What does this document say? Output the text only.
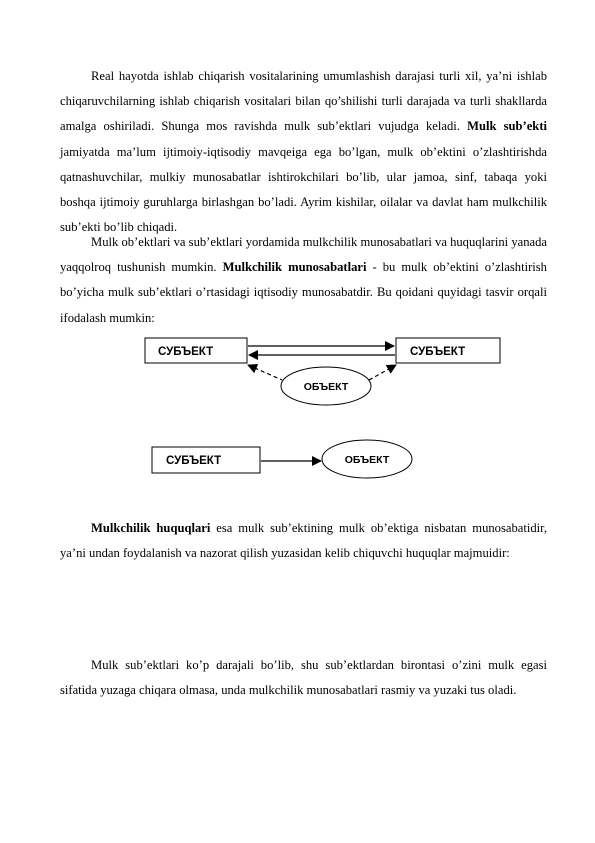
Real hayotda ishlab chiqarish vositalarining umumlashish darajasi turli xil, ya’ni ishlab chiqaruvchilarning ishlab chiqarish vositalari bilan qo’shilishi turli darajada va turli shakllarda amalga oshiriladi. Shunga mos ravishda mulk sub’ektlari vujudga keladi. Mulk sub’ekti jamiyatda ma’lum ijtimoiy-iqtisodiy mavqeiga ega bo’lgan, mulk ob’ektini o’zlashtirishda qatnashuvchilar, mulkiy munosabatlar ishtirokchilari bo’lib, ular jamoa, sinf, tabaqa yoki boshqa ijtimoiy guruhlarga birlashgan bo’ladi. Ayrim kishilar, oilalar va davlat ham mulkchilik sub’ekti bo’lib chiqadi.

Mulk ob’ektlari va sub’ektlari yordamida mulkchilik munosabatlari va huquqlarini yanada yaqqolroq tushunish mumkin. Mulkchilik munosabatlari - bu mulk ob’ektini o’zlashtirish bo’yicha mulk sub’ektlari o’rtasidagi iqtisodiy munosabatdir. Bu qoidani quyidagi tasvir orqali ifodalash mumkin:

СУБЪЕКТ	СУБЪЕКТ
ОБЪЕКТ
СУБЪЕКТ	ОБЪЕКТ

Mulkchilik huquqlari esa mulk sub’ektining mulk ob’ektiga nisbatan munosabatidir, ya’ni undan foydalanish va nazorat qilish yuzasidan kelib chiquvchi huquqlar majmuidir:

Mulk sub’ektlari ko’p darajali bo’lib, shu sub’ektlardan birontasi o’zini mulk egasi sifatida yuzaga chiqara olmasa, unda mulkchilik munosabatlari rasmiy va yuzaki tus oladi.
